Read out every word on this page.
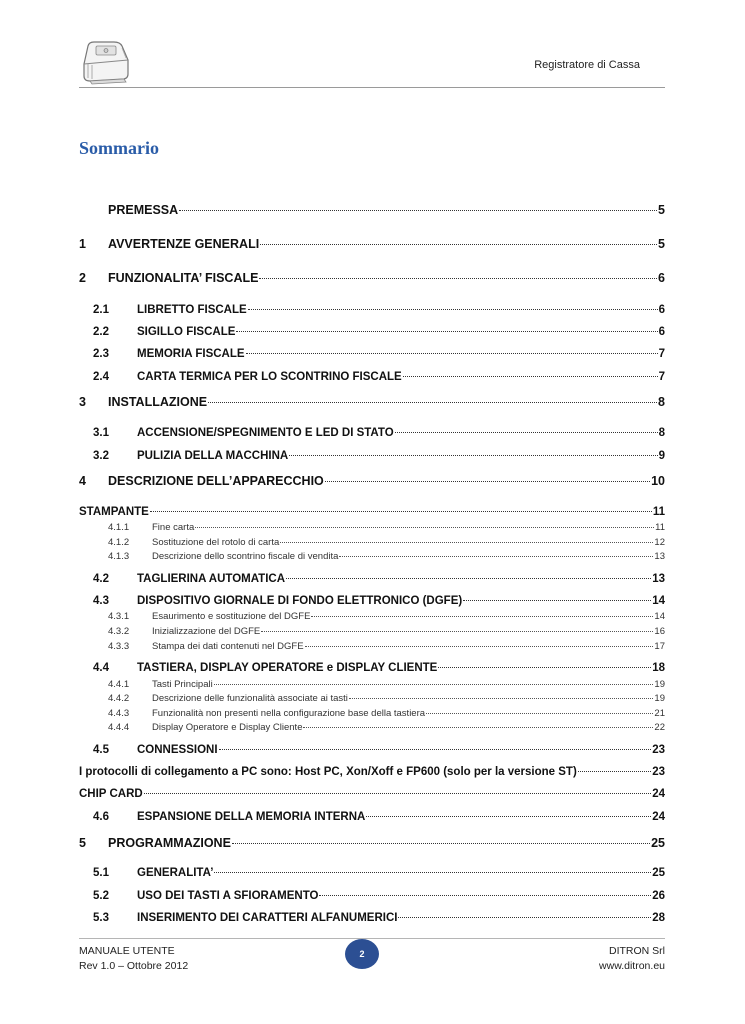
Registratore di Cassa
Sommario
PREMESSA	5
1	AVVERTENZE GENERALI	5
2	FUNZIONALITA’ FISCALE	6
2.1	LIBRETTO FISCALE	6
2.2	SIGILLO FISCALE	6
2.3	MEMORIA FISCALE	7
2.4	CARTA TERMICA PER LO SCONTRINO FISCALE	7
3	INSTALLAZIONE	8
3.1	ACCENSIONE/SPEGNIMENTO E LED DI STATO	8
3.2	PULIZIA DELLA MACCHINA	9
4	DESCRIZIONE DELL’APPARECCHIO	10
STAMPANTE	11
4.1.1	Fine carta	11
4.1.2	Sostituzione del rotolo di carta	12
4.1.3	Descrizione dello scontrino fiscale di vendita	13
4.2	TAGLIERINA AUTOMATICA	13
4.3	DISPOSITIVO GIORNALE DI FONDO ELETTRONICO (DGFE)	14
4.3.1	Esaurimento e sostituzione del DGFE	14
4.3.2	Inizializzazione del DGFE	16
4.3.3	Stampa dei dati contenuti nel DGFE	17
4.4	TASTIERA, DISPLAY OPERATORE e DISPLAY CLIENTE	18
4.4.1	Tasti Principali	19
4.4.2	Descrizione delle funzionalità associate ai tasti	19
4.4.3	Funzionalità non presenti nella configurazione base della tastiera	21
4.4.4	Display Operatore e Display Cliente	22
4.5	CONNESSIONI	23
I protocolli di collegamento a PC sono: Host PC, Xon/Xoff e FP600 (solo per la versione ST)	23
CHIP CARD	24
4.6	ESPANSIONE DELLA MEMORIA INTERNA	24
5	PROGRAMMAZIONE	25
5.1	GENERALITA’	25
5.2	USO DEI TASTI A SFIORAMENTO	26
5.3	INSERIMENTO DEI CARATTERI ALFANUMERICI	28
MANUALE UTENTE
Rev 1.0 – Ottobre 2012
2	DITRON Srl
www.ditron.eu
